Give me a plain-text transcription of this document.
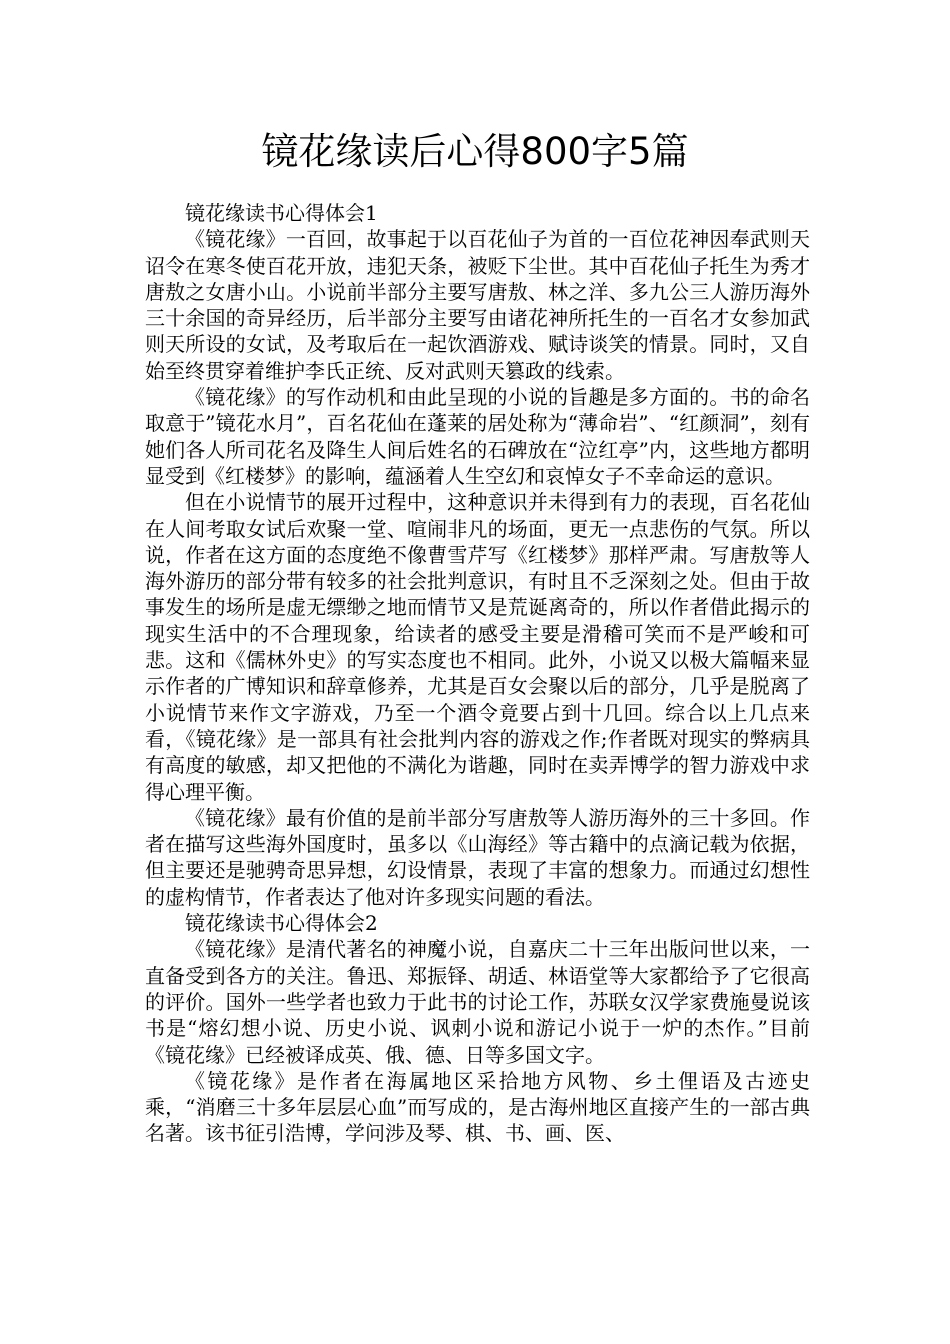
镜花缘读后心得800字5篇

镜花缘读书心得体会1

《镜花缘》一百回，故事起于以百花仙子为首的一百位花神因奉武则天诏令在寒冬使百花开放，违犯天条，被贬下尘世。其中百花仙子托生为秀才唐敖之女唐小山。小说前半部分主要写唐敖、林之洋、多九公三人游历海外三十余国的奇异经历，后半部分主要写由诸花神所托生的一百名才女参加武则天所设的女试，及考取后在一起饮酒游戏、赋诗谈笑的情景。同时，又自始至终贯穿着维护李氏正统、反对武则天篡政的线索。

《镜花缘》的写作动机和由此呈现的小说的旨趣是多方面的。书的命名取意于”镜花水月”，百名花仙在蓬莱的居处称为“薄命岩”、“红颜洞”，刻有她们各人所司花名及降生人间后姓名的石碑放在“泣红亭”内，这些地方都明显受到《红楼梦》的影响，蕴涵着人生空幻和哀悼女子不幸命运的意识。

但在小说情节的展开过程中，这种意识并未得到有力的表现，百名花仙在人间考取女试后欢聚一堂、喧闹非凡的场面，更无一点悲伤的气氛。所以说，作者在这方面的态度绝不像曹雪芹写《红楼梦》那样严肃。写唐敖等人海外游历的部分带有较多的社会批判意识，有时且不乏深刻之处。但由于故事发生的场所是虚无缥缈之地而情节又是荒诞离奇的，所以作者借此揭示的现实生活中的不合理现象，给读者的感受主要是滑稽可笑而不是严峻和可悲。这和《儒林外史》的写实态度也不相同。此外，小说又以极大篇幅来显示作者的广博知识和辞章修养，尤其是百女会聚以后的部分，几乎是脱离了小说情节来作文字游戏，乃至一个酒令竟要占到十几回。综合以上几点来看，《镜花缘》是一部具有社会批判内容的游戏之作;作者既对现实的弊病具有高度的敏感，却又把他的不满化为谐趣，同时在卖弄博学的智力游戏中求得心理平衡。

《镜花缘》最有价值的是前半部分写唐敖等人游历海外的三十多回。作者在描写这些海外国度时，虽多以《山海经》等古籍中的点滴记载为依据，但主要还是驰骋奇思异想，幻设情景，表现了丰富的想象力。而通过幻想性的虚构情节，作者表达了他对许多现实问题的看法。

镜花缘读书心得体会2

《镜花缘》是清代著名的神魔小说，自嘉庆二十三年出版问世以来，一直备受到各方的关注。鲁迅、郑振铎、胡适、林语堂等大家都给予了它很高的评价。国外一些学者也致力于此书的讨论工作，苏联女汉学家费施曼说该书是“熔幻想小说、历史小说、讽刺小说和游记小说于一炉的杰作。”目前《镜花缘》已经被译成英、俄、德、日等多国文字。

《镜花缘》是作者在海属地区采拾地方风物、乡土俚语及古迹史乘，“消磨三十多年层层心血”而写成的，是古海州地区直接产生的一部古典名著。该书征引浩博，学问涉及琴、棋、书、画、医、
